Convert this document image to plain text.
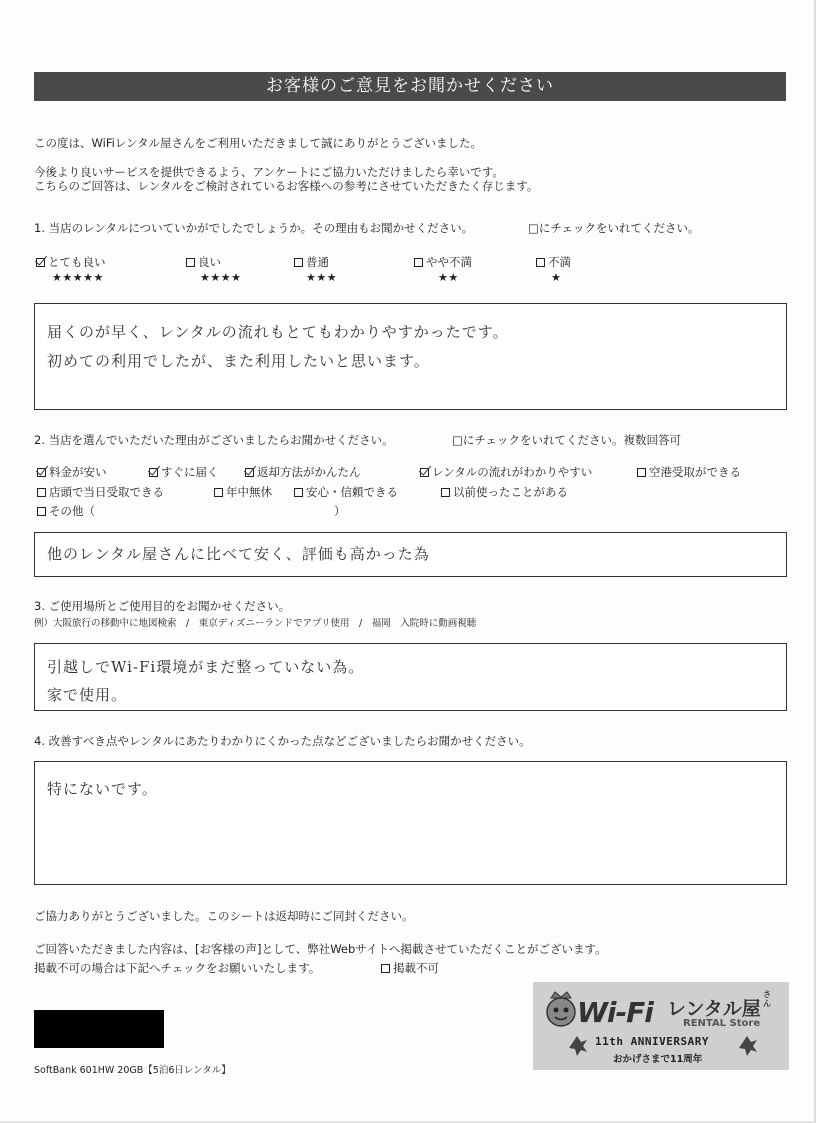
お客様のご意見をお聞かせください
この度は、WiFiレンタル屋さんをご利用いただきまして誠にありがとうございました。
今後より良いサービスを提供できるよう、アンケートにご協力いただけましたら幸いです。
こちらのご回答は、レンタルをご検討されているお客様への参考にさせていただきたく存じます。
1. 当店のレンタルについていかがでしたでしょうか。その理由もお聞かせください。	□にチェックをいれてください。
とても良い
★★★★★
良い
★★★★
普通
★★★
やや不満
★★
不満
★
届くのが早く、レンタルの流れもとてもわかりやすかったです。
初めての利用でしたが、また利用したいと思います。
2. 当店を選んでいただいた理由がございましたらお聞かせください。	□にチェックをいれてください。複数回答可
料金が安い	すぐに届く	返却方法がかんたん	レンタルの流れがわかりやすい	空港受取ができる
店頭で当日受取できる	年中無休	安心・信頼できる	以前使ったことがある
その他（	）
他のレンタル屋さんに比べて安く、評価も高かった為
3. ご使用場所とご使用目的をお聞かせください。
例）大阪旅行の移動中に地図検索　/　東京ディズニーランドでアプリ使用　/　福岡　入院時に動画視聴
引越しでWi-Fi環境がまだ整っていない為。
家で使用。
4. 改善すべき点やレンタルにあたりわかりにくかった点などございましたらお聞かせください。
特にないです。
ご協力ありがとうございました。このシートは返却時にご同封ください。
ご回答いただきました内容は、[お客様の声]として、弊社Webサイトへ掲載させていただくことがございます。
掲載不可の場合は下記へチェックをお願いいたします。	掲載不可
SoftBank 601HW 20GB【5泊6日レンタル】
Wi-Fi レンタル屋
さん
RENTAL Store
11th ANNIVERSARY
おかげさまで11周年
